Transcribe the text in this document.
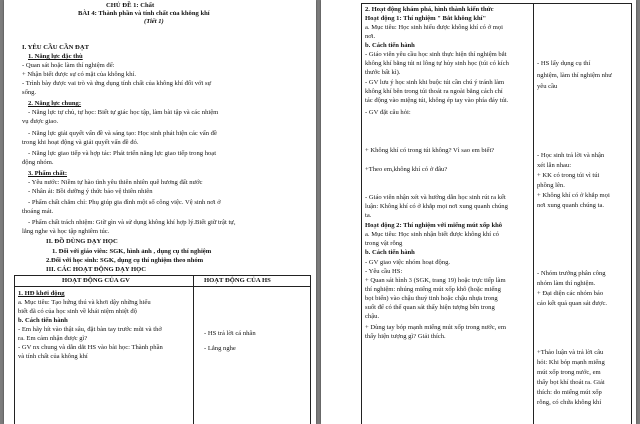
CHỦ ĐỀ 1: Chất
BÀI 4: Thành phần và tính chất của không khí
(Tiết 1)
I. YÊU CẦU CẦN ĐẠT
1. Năng lực đặc thù
- Quan sát hoặc làm thí nghiệm để:
+ Nhận biết được sự có mặt của không khí.
- Trình bày được vai trò và ứng dụng tính chất của không khí đối với sự
sống.
2. Năng lực chung:
- Năng lực tự chủ, tự học: Biết tự giác học tập, làm bài tập và các nhiệm
vụ được giao.
- Năng lực giải quyết vấn đề và sáng tạo: Học sinh phát hiện các vấn đề
trong khi hoạt động và giải quyết vấn đề đó.
- Năng lực giao tiếp và hợp tác: Phát triển năng lực giao tiếp trong hoạt
động nhóm.
3. Phẩm chất:
- Yêu nước: Niềm tự hào tình yêu thiên nhiên quê hương đất nước
- Nhân ái: Bồi dưỡng ý thức bảo vệ thiên nhiên
- Phẩm chất chăm chỉ: Phụ giúp gia đình một số công việc. Vệ sinh nơi ở
thoáng mát.
- Phẩm chất trách nhiệm: Giữ gìn và sử dụng không khí hợp lý.Biết giữ trật tự,
lắng nghe và học tập nghiêm túc.
II. ĐỒ DÙNG DẠY HỌC
1. Đối với giáo viên: SGK, hình ảnh , dụng cụ thí nghiệm
2.Đối với học sinh: SGK, dụng cụ thí nghiệm theo nhóm
III. CÁC HOẠT ĐỘNG DẠY HỌC
HOẠT ĐỘNG CỦA GV	HOẠT ĐỘNG CỦA HS
1. HĐ khởi động
a. Mục tiêu: Tạo hứng thú và khơi dậy những hiểu
biết đã có của học sinh về khái niệm nhiệt độ
b. Cách tiến hành
- Em hãy hít vào thật sâu, đặt bàn tay trước mũi và thở
ra. Em cảm nhận được gì?
- GV nx chung và dẫn dắt HS vào bài học: Thành phần
và tính chất của không khí
- HS trả lời cá nhân
- Lắng nghe
2. Hoạt động khám phá, hình thành kiến thức
Hoạt động 1: Thí nghiệm " Bắt không khí"
a. Mục tiêu: Học sinh hiểu được không khí có ở mọi
nơi.
b. Cách tiến hành
- Giáo viên yêu cầu học sinh thực hiện thí nghiệm bắt
không khí bằng túi ni lông tự hủy sinh học (túi có kích
thước bất kì).
- GV lưu ý học sinh khi buộc túi cần chú ý tránh làm
không khí bên trong túi thoát ra ngoài bằng cách chỉ
tác động vào miệng túi, không ép tay vào phía đáy túi.
- GV đặt câu hỏi:
+ Không khí có trong túi không? Vì sao em biết?
+Theo em,không khí có ở đâu?
- Giáo viên nhận xét và hướng dẫn học sinh rút ra kết
luận: Không khí có ở khắp mọi nơi xung quanh chúng
ta.
Hoạt động 2: Thí nghiệm với miếng mút xốp khô
a. Mục tiêu: Học sinh nhận biết được không khí có
trong vật rỗng
b. Cách tiến hành
- GV giao việc nhóm hoạt động.
- Yêu cầu HS:
+ Quan sát hình 3 (SGK, trang 19) hoặc trực tiếp làm
thí nghiệm: nhúng miếng mút xốp khô (hoặc miếng
bọt biển) vào chậu thuỷ tinh hoặc chậu nhựa trong
suốt để có thể quan sát thấy hiện tượng bên trong
chậu.
+ Dùng tay bóp mạnh miếng mút xốp trong nước, em
thấy hiện tượng gì? Giải thích.
- HS lấy dụng cụ thí
nghiệm, làm thí nghiệm như
yêu cầu
- Học sinh trả lời và nhận
xét lẫn nhau:
+ KK có trong túi vì túi
phồng lên.
+ Không khí có ở khắp mọi
nơi xung quanh chúng ta.
- Nhóm trưởng phân công
nhóm làm thí nghiệm.
+ Đại diện các nhóm báo
cáo kết quả quan sát được.
+Thảo luận và trả lời câu
hỏi: Khi bóp mạnh miếng
mút xốp trong nước, em
thấy bọt khí thoát ra. Giải
thích: do miếng mút xốp
rỗng, có chứa không khí
